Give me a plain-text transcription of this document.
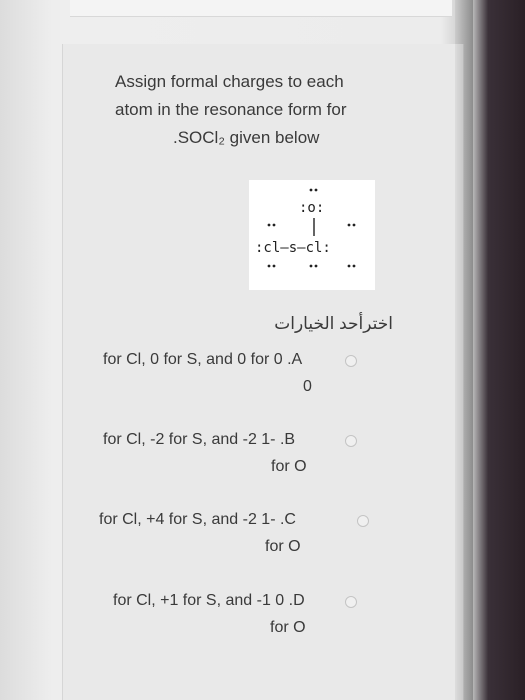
Assign formal charges to each
atom in the resonance form for
.SOCl₂ given below
:o:
:cl—s—cl:
اخترأحد الخيارات
for Cl, 0 for S, and 0 for 0 .A
0
for Cl, -2 for S, and -2 1- .B
for O
for Cl, +4 for S, and -2 1- .C
for O
for Cl, +1 for S, and -1 0 .D
for O
